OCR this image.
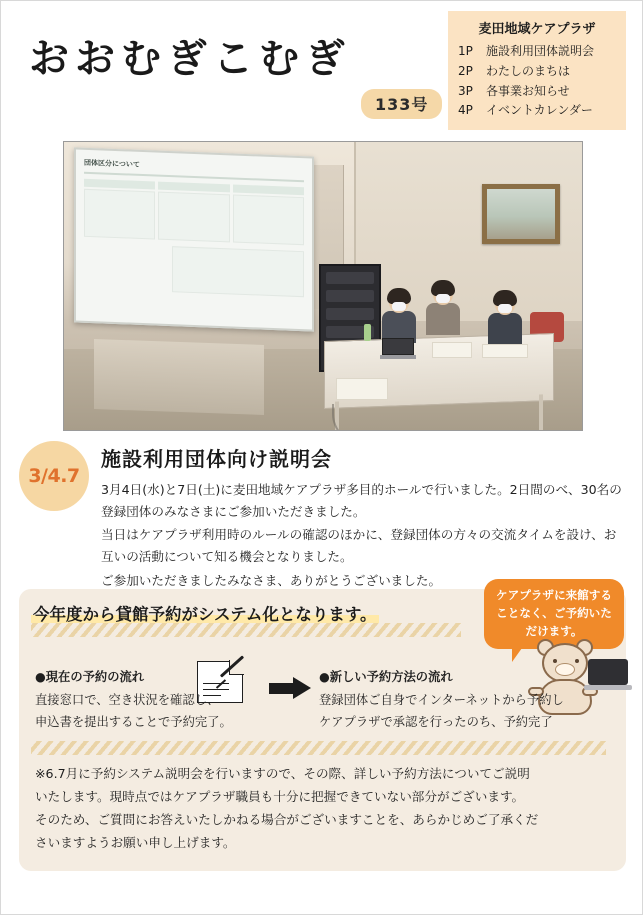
おおむぎこむぎ
133号
麦田地域ケアプラザ
1P	施設利用団体説明会
2P	わたしのまちは
3P	各事業お知らせ
4P	イベントカレンダー
団体区分について
3/4.7
施設利用団体向け説明会

3月4日(水)と7日(土)に麦田地域ケアプラザ多目的ホールで行いました。2日間のべ、30名の登録団体のみなさまにご参加いただきました。

当日はケアプラザ利用時のルールの確認のほかに、登録団体の方々の交流タイムを設け、お互いの活動について知る機会となりました。

ご参加いただきましたみなさま、ありがとうございました。

今年度から貸館予約がシステム化となります。
ケアプラザに来館することなく、ご予約いただけます。
●現在の予約の流れ
直接窓口で、空き状況を確認し、
申込書を提出することで予約完了。
●新しい予約方法の流れ
登録団体ご自身でインターネットから予約し
ケアプラザで承認を行ったのち、予約完了

※6.7月に予約システム説明会を行いますので、その際、詳しい予約方法についてご説明

いたします。現時点ではケアプラザ職員も十分に把握できていない部分がございます。

そのため、ご質問にお答えいたしかねる場合がございますことを、あらかじめご了承くだ

さいますようお願い申し上げます。
